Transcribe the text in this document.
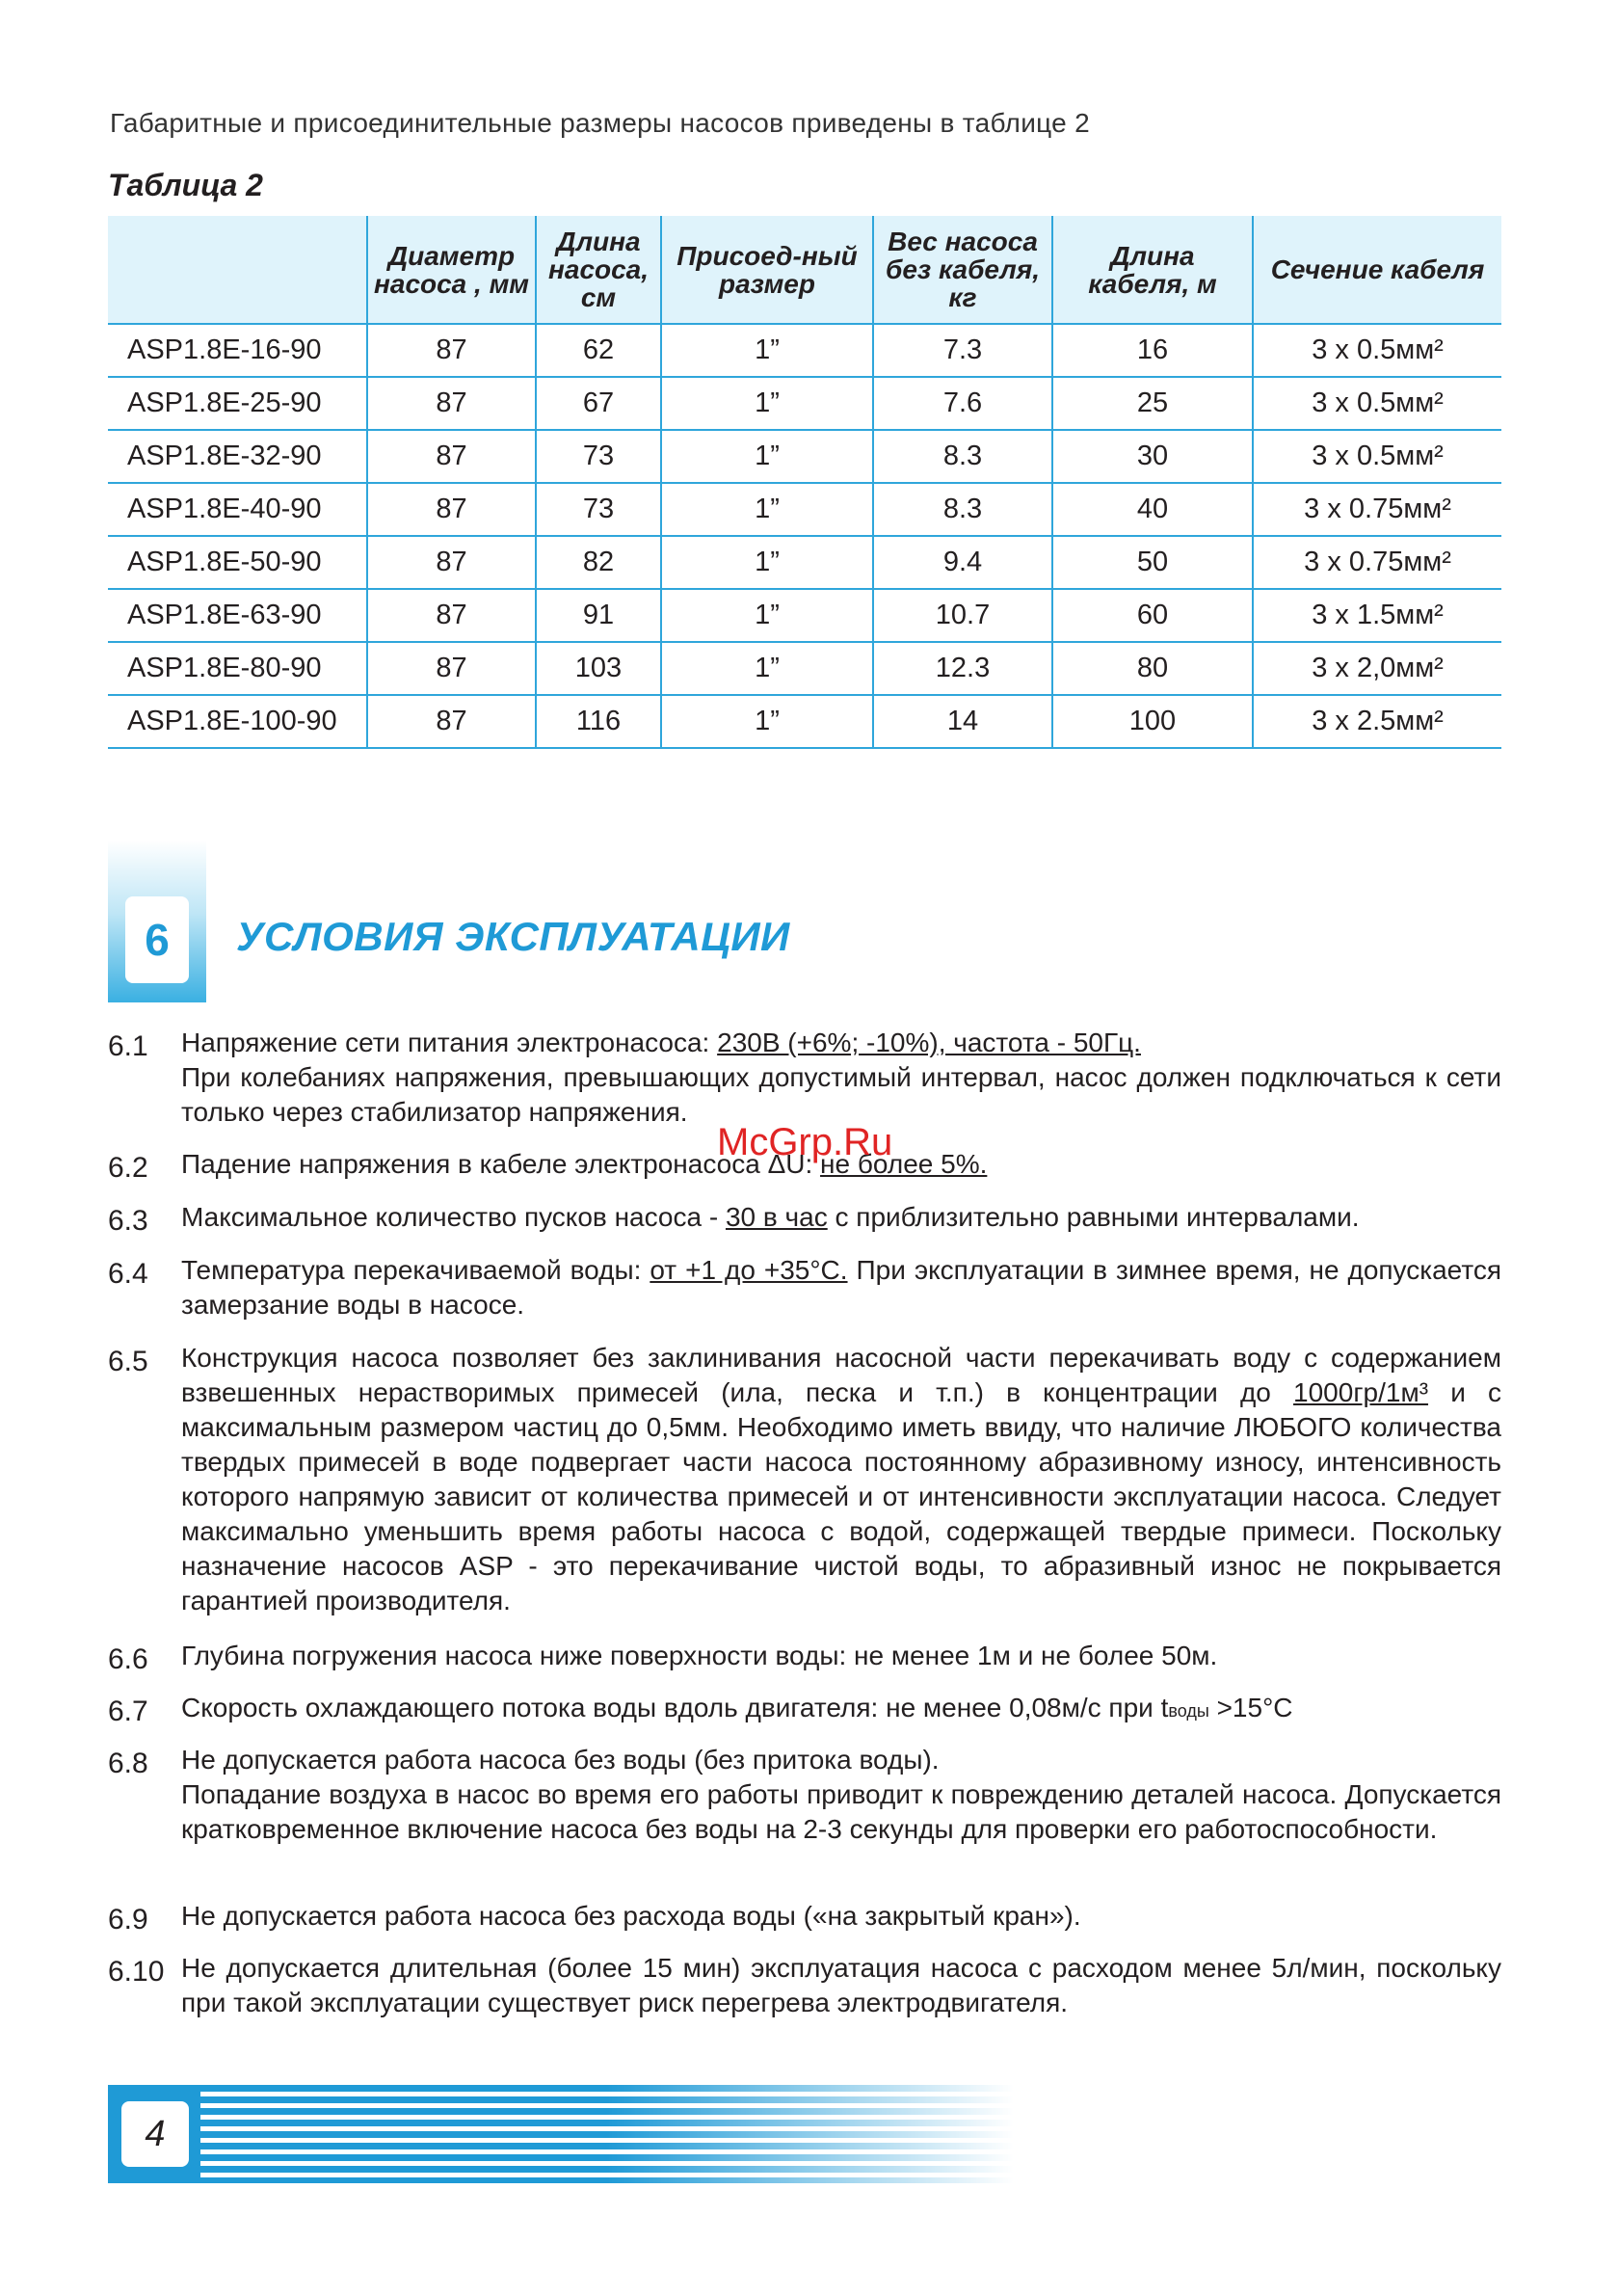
Габаритные и присоединительные размеры насосов приведены в таблице 2
Таблица 2
	Диаметр насоса , мм	Длина насоса, см	Присоед-ный размер	Вес насоса без кабеля, кг	Длина кабеля, м	Сечение кабеля
ASP1.8E-16-90	87	62	1”	7.3	16	3 x 0.5мм²
ASP1.8E-25-90	87	67	1”	7.6	25	3 x 0.5мм²
ASP1.8E-32-90	87	73	1”	8.3	30	3 x 0.5мм²
ASP1.8E-40-90	87	73	1”	8.3	40	3 x 0.75мм²
ASP1.8E-50-90	87	82	1”	9.4	50	3 x 0.75мм²
ASP1.8E-63-90	87	91	1”	10.7	60	3 x 1.5мм²
ASP1.8E-80-90	87	103	1”	12.3	80	3 x 2,0мм²
ASP1.8E-100-90	87	116	1”	14	100	3 x 2.5мм²
6	УСЛОВИЯ ЭКСПЛУАТАЦИИ
6.1 Напряжение сети питания электронасоса: 230В (+6%; -10%), частота - 50Гц.

При колебаниях напряжения, превышающих допустимый интервал, насос должен подключаться к сети только через стабилизатор напряжения.

6.2 Падение напряжения в кабеле электронасоса ΔU: не более 5%.

6.3 Максимальное количество пусков насоса - 30 в час с приблизительно равными интервалами.

6.4 Температура перекачиваемой воды: от +1 до +35°С. При эксплуатации в зимнее время, не допускается замерзание воды в насосе.

6.5 Конструкция насоса позволяет без заклинивания насосной части перекачивать воду с содержанием взвешенных нерастворимых примесей (ила, песка и т.п.) в концентрации до 1000гр/1м³ и с максимальным размером частиц до 0,5мм. Необходимо иметь ввиду, что наличие ЛЮБОГО количества твердых примесей в воде подвергает части насоса постоянному абразивному износу, интенсивность которого напрямую зависит от количества примесей и от интенсивности эксплуатации насоса. Следует максимально уменьшить время работы насоса с водой, содержащей твердые примеси. Поскольку назначение насосов ASP - это перекачивание чистой воды, то абразивный износ не покрывается гарантией производителя.

6.6 Глубина погружения насоса ниже поверхности воды: не менее 1м и не более 50м.

6.7 Скорость охлаждающего потока воды вдоль двигателя: не менее 0,08м/с при tводы >15°С

6.8 Не допускается работа насоса без воды (без притока воды).

Попадание воздуха в насос во время его работы приводит к повреждению деталей насоса. Допускается кратковременное включение насоса без воды на 2-3 секунды для проверки его работоспособности.

6.9 Не допускается работа насоса без расхода воды («на закрытый кран»).

6.10 Не допускается длительная (более 15 мин) эксплуатация насоса с расходом менее 5л/мин, поскольку при такой эксплуатации существует риск перегрева электродвигателя.

McGrp.Ru
4
